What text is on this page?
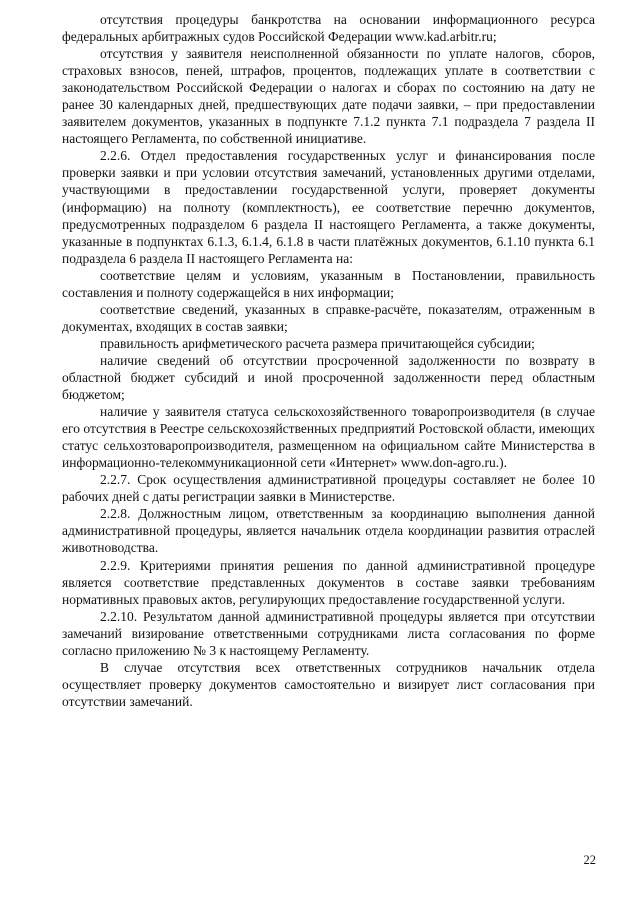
отсутствия процедуры банкротства на основании информационного ресурса федеральных арбитражных судов Российской Федерации www.kad.arbitr.ru;

отсутствия у заявителя неисполненной обязанности по уплате налогов, сборов, страховых взносов, пеней, штрафов, процентов, подлежащих уплате в соответствии с законодательством Российской Федерации о налогах и сборах по состоянию на дату не ранее 30 календарных дней, предшествующих дате подачи заявки, – при предоставлении заявителем документов, указанных в подпункте 7.1.2 пункта 7.1 подраздела 7 раздела II настоящего Регламента, по собственной инициативе.

2.2.6. Отдел предоставления государственных услуг и финансирования после проверки заявки и при условии отсутствия замечаний, установленных другими отделами, участвующими в предоставлении государственной услуги, проверяет документы (информацию) на полноту (комплектность), ее соответствие перечню документов, предусмотренных подразделом 6 раздела II настоящего Регламента, а также документы, указанные в подпунктах 6.1.3, 6.1.4, 6.1.8 в части платёжных документов, 6.1.10 пункта 6.1 подраздела 6 раздела II настоящего Регламента на:

соответствие целям и условиям, указанным в Постановлении, правильность составления и полноту содержащейся в них информации;

соответствие сведений, указанных в справке-расчёте, показателям, отраженным в документах, входящих в состав заявки;

правильность арифметического расчета размера причитающейся субсидии;

наличие сведений об отсутствии просроченной задолженности по возврату в областной бюджет субсидий и иной просроченной задолженности перед областным бюджетом;

наличие у заявителя статуса сельскохозяйственного товаропроизводителя (в случае его отсутствия в Реестре сельскохозяйственных предприятий Ростовской области, имеющих статус сельхозтоваропроизводителя, размещенном на официальном сайте Министерства в информационно-телекоммуникационной сети «Интернет» www.don-agro.ru.).

2.2.7. Срок осуществления административной процедуры составляет не более 10 рабочих дней с даты регистрации заявки в Министерстве.

2.2.8. Должностным лицом, ответственным за координацию выполнения данной административной процедуры, является начальник отдела координации развития отраслей животноводства.

2.2.9. Критериями принятия решения по данной административной процедуре является соответствие представленных документов в составе заявки требованиям нормативных правовых актов, регулирующих предоставление государственной услуги.

2.2.10. Результатом данной административной процедуры является при отсутствии замечаний визирование ответственными сотрудниками листа согласования по форме согласно приложению № 3 к настоящему Регламенту.

В случае отсутствия всех ответственных сотрудников начальник отдела осуществляет проверку документов самостоятельно и визирует лист согласования при отсутствии замечаний.

22
